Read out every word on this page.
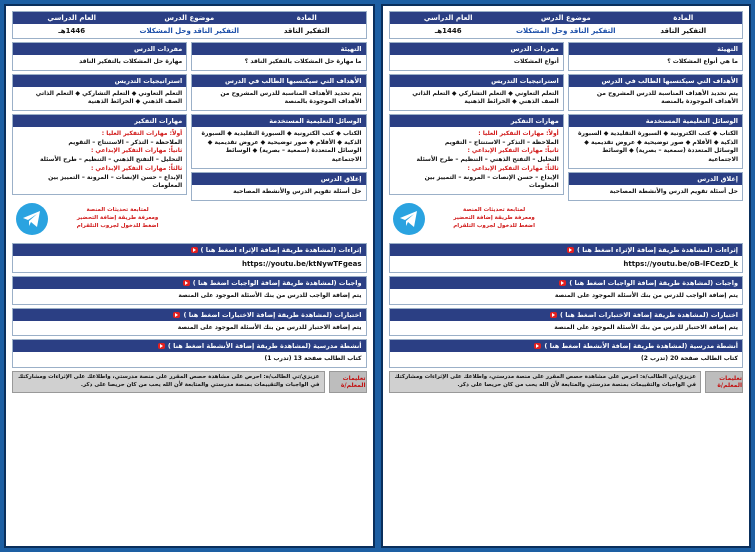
المادة
موضوع الدرس
العام الدراسي
التفكير الناقد
التفكير الناقد وحل المشكلات
1446هـ
التهيئة
ما هي أنواع المشكلات ؟
مفردات الدرس
أنواع المشكلات
الأهداف التي سيكتسبها الطالب في الدرس
يتم تحديد الأهداف المناسبة للدرس المشروح من الأهداف الموجودة بالمنصة
استراتيجيات التدريس
التعلم التعاوني ◆ التعلم التشاركي ◆ التعلم الذاتي
الصف الذهني ◆ الخرائط الذهنية
الوسائل التعليمية المستخدمة
الكتاب ◆ كتب الكترونية ◆ السبورة التقليدية ◆ السبورة الذكية ◆ الأفلام ◆ صور توضيحية ◆ عروض تقديمية ◆ الوسائل المتعددة (سمعية – بصرية) ◆ الوسائط الاجتماعية
إغلاق الدرس
حل أسئلة تقويم الدرس والأنشطة المصاحبة
مهارات التفكير
أولاً: مهارات التفكير العليا :
الملاحظة – التذكر – الاستنتاج – التقويم
ثانياً: مهارات التفكير الإبداعي :
التحليل – التفتح الذهني – التنظيم – طرح الأسئلة
ثالثاً: مهارات التفكير الإبداعي :
الإبداع – حسن الإنصات – المرونة – التمييز بين المعلومات
لمتابعة تحديثات المنصة
ومعرفة طريقة إضافة التحضير
اضغط للدخول لجروب التلقرام
إثراءات (لمشاهدة طريقة إضافة الإثراء اضغط هنا )
https://youtu.be/oB-lFCezD_k
واجبات (لمشاهدة طريقة إضافة الواجبات اضغط هنا )
يتم إضافة الواجب للدرس من بنك الأسئلة الموجود على المنصة
اختبارات (لمشاهدة طريقة إضافة الاختبارات اضغط هنا )
يتم إضافة الاختبار للدرس من بنك الأسئلة الموجود على المنصة
أنشطة مدرسية (لمشاهدة طريقة إضافة الأنشطة اضغط هنا )
كتاب الطالب صفحة 20 (تدرب 2)
تعليمات المعلم/ة
عزيزي/تي الطالب/ة: احرص على مشاهدة حصص المقرر على منصة مدرستي، واطلاعك على الإثراءات ومشاركتك في الواجبات والتقييمات بمنصة مدرستي والمتابعة لأن الله يحب من كان حريصا على ذكر.
المادة
موضوع الدرس
العام الدراسي
التفكير الناقد
التفكير الناقد وحل المشكلات
1446هـ
التهيئة
ما مهارة حل المشكلات بالتفكير الناقد ؟
مفردات الدرس
مهارة حل المشكلات بالتفكير الناقد
الأهداف التي سيكتسبها الطالب في الدرس
يتم تحديد الأهداف المناسبة للدرس المشروح من الأهداف الموجودة بالمنصة
استراتيجيات التدريس
التعلم التعاوني ◆ التعلم التشاركي ◆ التعلم الذاتي
الصف الذهني ◆ الخرائط الذهنية
الوسائل التعليمية المستخدمة
الكتاب ◆ كتب الكترونية ◆ السبورة التقليدية ◆ السبورة الذكية ◆ الأفلام ◆ صور توضيحية ◆ عروض تقديمية ◆ الوسائل المتعددة (سمعية – بصرية) ◆ الوسائط الاجتماعية
إغلاق الدرس
حل أسئلة تقويم الدرس والأنشطة المصاحبة
مهارات التفكير
أولاً: مهارات التفكير العليا :
الملاحظة – التذكر – الاستنتاج – التقويم
ثانياً: مهارات التفكير الإبداعي :
التحليل – التفتح الذهني – التنظيم – طرح الأسئلة
ثالثاً: مهارات التفكير الإبداعي :
الإبداع – حسن الإنصات – المرونة – التمييز بين المعلومات
لمتابعة تحديثات المنصة
ومعرفة طريقة إضافة التحضير
اضغط للدخول لجروب التلقرام
إثراءات (لمشاهدة طريقة إضافة الإثراء اضغط هنا )
https://youtu.be/ktNywTFgeas
واجبات (لمشاهدة طريقة إضافة الواجبات اضغط هنا )
يتم إضافة الواجب للدرس من بنك الأسئلة الموجود على المنصة
اختبارات (لمشاهدة طريقة إضافة الاختبارات اضغط هنا )
يتم إضافة الاختبار للدرس من بنك الأسئلة الموجود على المنصة
أنشطة مدرسية (لمشاهدة طريقة إضافة الأنشطة اضغط هنا )
كتاب الطالب صفحة 13 (تدرب 1)
تعليمات المعلم/ة
عزيزي/تي الطالب/ة: احرص على مشاهدة حصص المقرر على منصة مدرستي، واطلاعك على الإثراءات ومشاركتك في الواجبات والتقييمات بمنصة مدرستي والمتابعة لأن الله يحب من كان حريصا على ذكر.
